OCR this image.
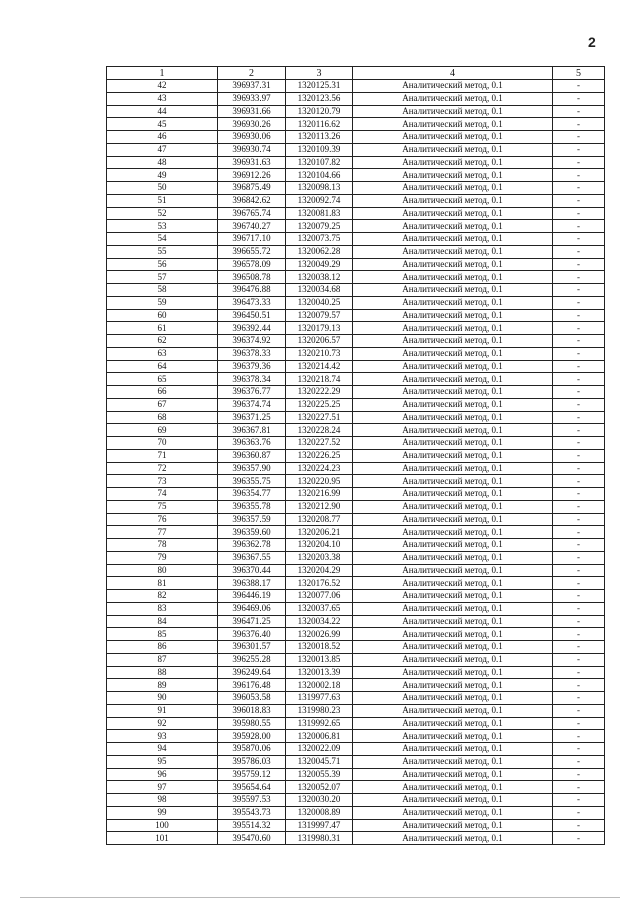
2
1	2	3	4	5
42	396937.31	1320125.31	Аналитический метод, 0.1	-
43	396933.97	1320123.56	Аналитический метод, 0.1	-
44	396931.66	1320120.79	Аналитический метод, 0.1	-
45	396930.26	1320116.62	Аналитический метод, 0.1	-
46	396930.06	1320113.26	Аналитический метод, 0.1	-
47	396930.74	1320109.39	Аналитический метод, 0.1	-
48	396931.63	1320107.82	Аналитический метод, 0.1	-
49	396912.26	1320104.66	Аналитический метод, 0.1	-
50	396875.49	1320098.13	Аналитический метод, 0.1	-
51	396842.62	1320092.74	Аналитический метод, 0.1	-
52	396765.74	1320081.83	Аналитический метод, 0.1	-
53	396740.27	1320079.25	Аналитический метод, 0.1	-
54	396717.10	1320073.75	Аналитический метод, 0.1	-
55	396655.72	1320062.28	Аналитический метод, 0.1	-
56	396578.09	1320049.29	Аналитический метод, 0.1	-
57	396508.78	1320038.12	Аналитический метод, 0.1	-
58	396476.88	1320034.68	Аналитический метод, 0.1	-
59	396473.33	1320040.25	Аналитический метод, 0.1	-
60	396450.51	1320079.57	Аналитический метод, 0.1	-
61	396392.44	1320179.13	Аналитический метод, 0.1	-
62	396374.92	1320206.57	Аналитический метод, 0.1	-
63	396378.33	1320210.73	Аналитический метод, 0.1	-
64	396379.36	1320214.42	Аналитический метод, 0.1	-
65	396378.34	1320218.74	Аналитический метод, 0.1	-
66	396376.77	1320222.29	Аналитический метод, 0.1	-
67	396374.74	1320225.25	Аналитический метод, 0.1	-
68	396371.25	1320227.51	Аналитический метод, 0.1	-
69	396367.81	1320228.24	Аналитический метод, 0.1	-
70	396363.76	1320227.52	Аналитический метод, 0.1	-
71	396360.87	1320226.25	Аналитический метод, 0.1	-
72	396357.90	1320224.23	Аналитический метод, 0.1	-
73	396355.75	1320220.95	Аналитический метод, 0.1	-
74	396354.77	1320216.99	Аналитический метод, 0.1	-
75	396355.78	1320212.90	Аналитический метод, 0.1	-
76	396357.59	1320208.77	Аналитический метод, 0.1	-
77	396359.60	1320206.21	Аналитический метод, 0.1	-
78	396362.78	1320204.10	Аналитический метод, 0.1	-
79	396367.55	1320203.38	Аналитический метод, 0.1	-
80	396370.44	1320204.29	Аналитический метод, 0.1	-
81	396388.17	1320176.52	Аналитический метод, 0.1	-
82	396446.19	1320077.06	Аналитический метод, 0.1	-
83	396469.06	1320037.65	Аналитический метод, 0.1	-
84	396471.25	1320034.22	Аналитический метод, 0.1	-
85	396376.40	1320026.99	Аналитический метод, 0.1	-
86	396301.57	1320018.52	Аналитический метод, 0.1	-
87	396255.28	1320013.85	Аналитический метод, 0.1	-
88	396249.64	1320013.39	Аналитический метод, 0.1	-
89	396176.48	1320002.18	Аналитический метод, 0.1	-
90	396053.58	1319977.63	Аналитический метод, 0.1	-
91	396018.83	1319980.23	Аналитический метод, 0.1	-
92	395980.55	1319992.65	Аналитический метод, 0.1	-
93	395928.00	1320006.81	Аналитический метод, 0.1	-
94	395870.06	1320022.09	Аналитический метод, 0.1	-
95	395786.03	1320045.71	Аналитический метод, 0.1	-
96	395759.12	1320055.39	Аналитический метод, 0.1	-
97	395654.64	1320052.07	Аналитический метод, 0.1	-
98	395597.53	1320030.20	Аналитический метод, 0.1	-
99	395543.73	1320008.89	Аналитический метод, 0.1	-
100	395514.32	1319997.47	Аналитический метод, 0.1	-
101	395470.60	1319980.31	Аналитический метод, 0.1	-
